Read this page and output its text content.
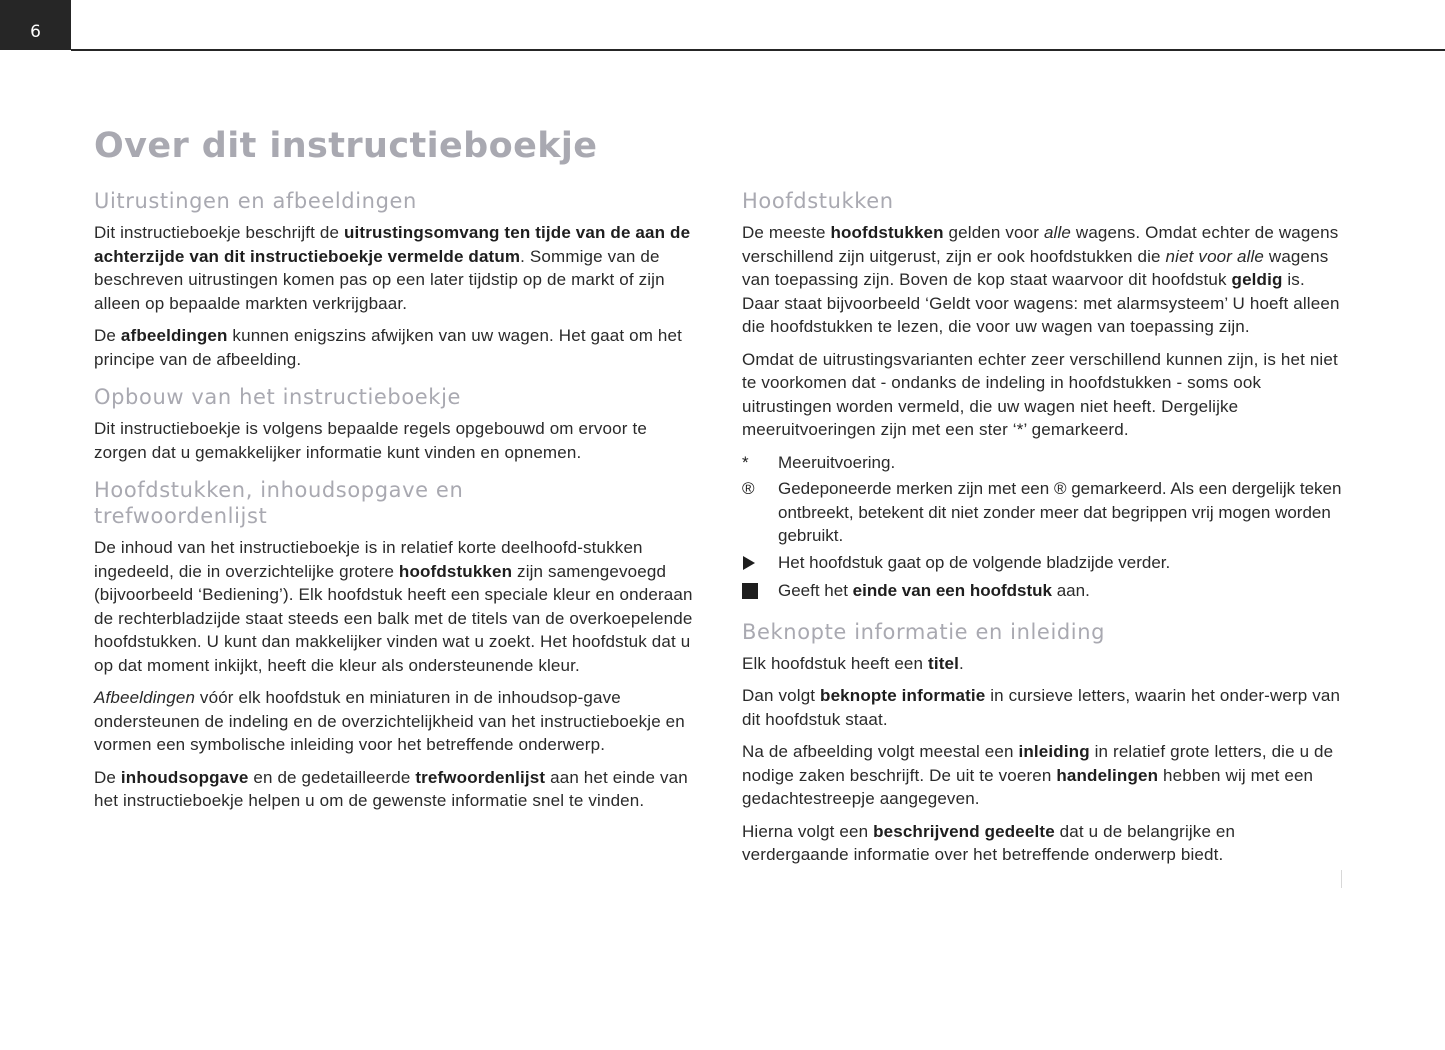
6
Over dit instructieboekje
Uitrustingen en afbeeldingen

Dit instructieboekje beschrijft de uitrustingsomvang ten tijde van de aan de achterzijde van dit instructieboekje vermelde datum. Sommige van de beschreven uitrustingen komen pas op een later tijdstip op de markt of zijn alleen op bepaalde markten verkrijgbaar.

De afbeeldingen kunnen enigszins afwijken van uw wagen. Het gaat om het principe van de afbeelding.

Opbouw van het instructieboekje

Dit instructieboekje is volgens bepaalde regels opgebouwd om ervoor te zorgen dat u gemakkelijker informatie kunt vinden en opnemen.

Hoofdstukken, inhoudsopgave en trefwoordenlijst

De inhoud van het instructieboekje is in relatief korte deelhoofd-stukken ingedeeld, die in overzichtelijke grotere hoofdstukken zijn samengevoegd (bijvoorbeeld ‘Bediening’). Elk hoofdstuk heeft een speciale kleur en onderaan de rechterbladzijde staat steeds een balk met de titels van de overkoepelende hoofdstukken. U kunt dan makkelijker vinden wat u zoekt. Het hoofdstuk dat u op dat moment inkijkt, heeft die kleur als ondersteunende kleur.

Afbeeldingen vóór elk hoofdstuk en miniaturen in de inhoudsop-gave ondersteunen de indeling en de overzichtelijkheid van het instructieboekje en vormen een symbolische inleiding voor het betreffende onderwerp.

De inhoudsopgave en de gedetailleerde trefwoordenlijst aan het einde van het instructieboekje helpen u om de gewenste informatie snel te vinden.

Hoofdstukken

De meeste hoofdstukken gelden voor alle wagens. Omdat echter de wagens verschillend zijn uitgerust, zijn er ook hoofdstukken die niet voor alle wagens van toepassing zijn. Boven de kop staat waarvoor dit hoofdstuk geldig is. Daar staat bijvoorbeeld ‘Geldt voor wagens: met alarmsysteem’ U hoeft alleen die hoofdstukken te lezen, die voor uw wagen van toepassing zijn.

Omdat de uitrustingsvarianten echter zeer verschillend kunnen zijn, is het niet te voorkomen dat - ondanks de indeling in hoofdstukken - soms ook uitrustingen worden vermeld, die uw wagen niet heeft. Dergelijke meeruitvoeringen zijn met een ster ‘*’ gemarkeerd.

*	Meeruitvoering.
®	Gedeponeerde merken zijn met een ® gemarkeerd. Als een dergelijk teken ontbreekt, betekent dit niet zonder meer dat begrippen vrij mogen worden gebruikt.
Het hoofdstuk gaat op de volgende bladzijde verder.
Geeft het einde van een hoofdstuk aan.
Beknopte informatie en inleiding

Elk hoofdstuk heeft een titel.

Dan volgt beknopte informatie in cursieve letters, waarin het onder-werp van dit hoofdstuk staat.

Na de afbeelding volgt meestal een inleiding in relatief grote letters, die u de nodige zaken beschrijft. De uit te voeren handelingen hebben wij met een gedachtestreepje aangegeven.

Hierna volgt een beschrijvend gedeelte dat u de belangrijke en verdergaande informatie over het betreffende onderwerp biedt.
